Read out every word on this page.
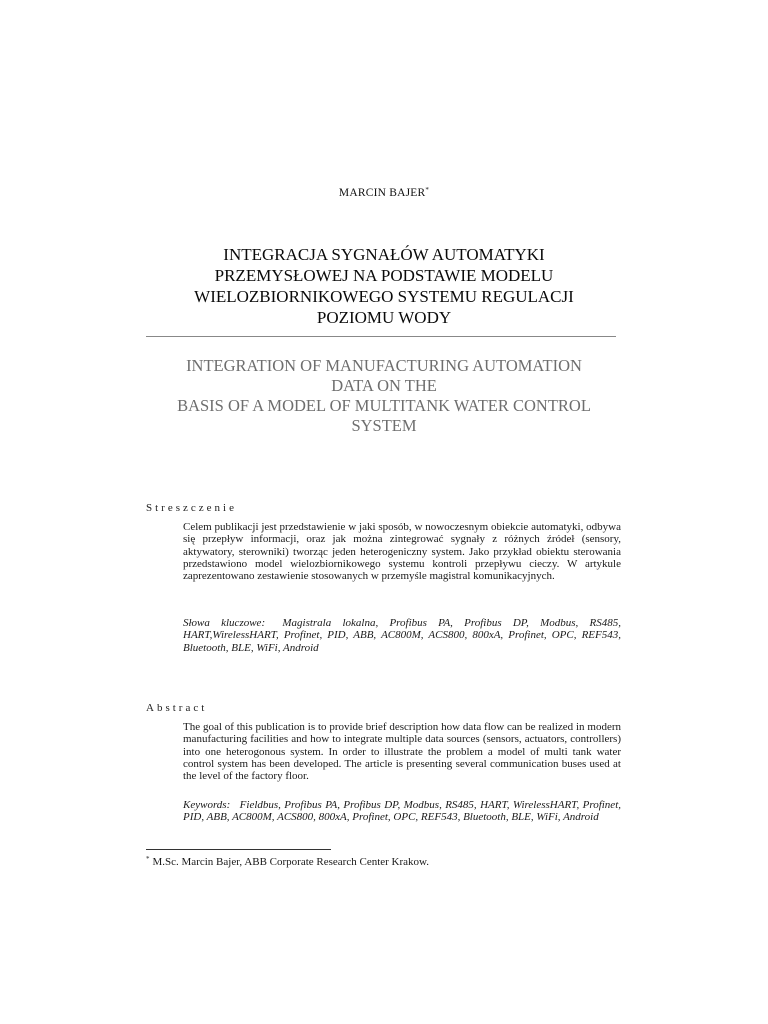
MARCIN BAJER*
INTEGRACJA SYGNAŁÓW AUTOMATYKI
PRZEMYSŁOWEJ NA PODSTAWIE MODELU
WIELOZBIORNIKOWEGO SYSTEMU REGULACJI
POZIOMU WODY
INTEGRATION OF MANUFACTURING AUTOMATION
DATA ON THE
BASIS OF A MODEL OF MULTITANK WATER CONTROL
SYSTEM
Streszczenie
Celem publikacji jest przedstawienie w jaki sposób, w nowoczesnym obiekcie automatyki, odbywa się przepływ informacji, oraz jak można zintegrować sygnały z różnych źródeł (sensory, aktywatory, sterowniki) tworząc jeden heterogeniczny system. Jako przykład obiektu sterowania przedstawiono model wielozbiornikowego systemu kontroli przepływu cieczy. W artykule zaprezentowano zestawienie stosowanych w przemyśle magistral komunikacyjnych.
Słowa kluczowe: Magistrala lokalna, Profibus PA, Profibus DP, Modbus, RS485, HART,WirelessHART, Profinet, PID, ABB, AC800M, ACS800, 800xA, Profinet, OPC, REF543, Bluetooth, BLE, WiFi, Android
Abstract
The goal of this publication is to provide brief description how data flow can be realized in modern manufacturing facilities and how to integrate multiple data sources (sensors, actuators, controllers) into one heterogonous system. In order to illustrate the problem a model of multi tank water control system has been developed. The article is presenting several communication buses used at the level of the factory floor.
Keywords: Fieldbus, Profibus PA, Profibus DP, Modbus, RS485, HART, WirelessHART, Profinet, PID, ABB, AC800M, ACS800, 800xA, Profinet, OPC, REF543, Bluetooth, BLE, WiFi, Android
* M.Sc. Marcin Bajer, ABB Corporate Research Center Krakow.
